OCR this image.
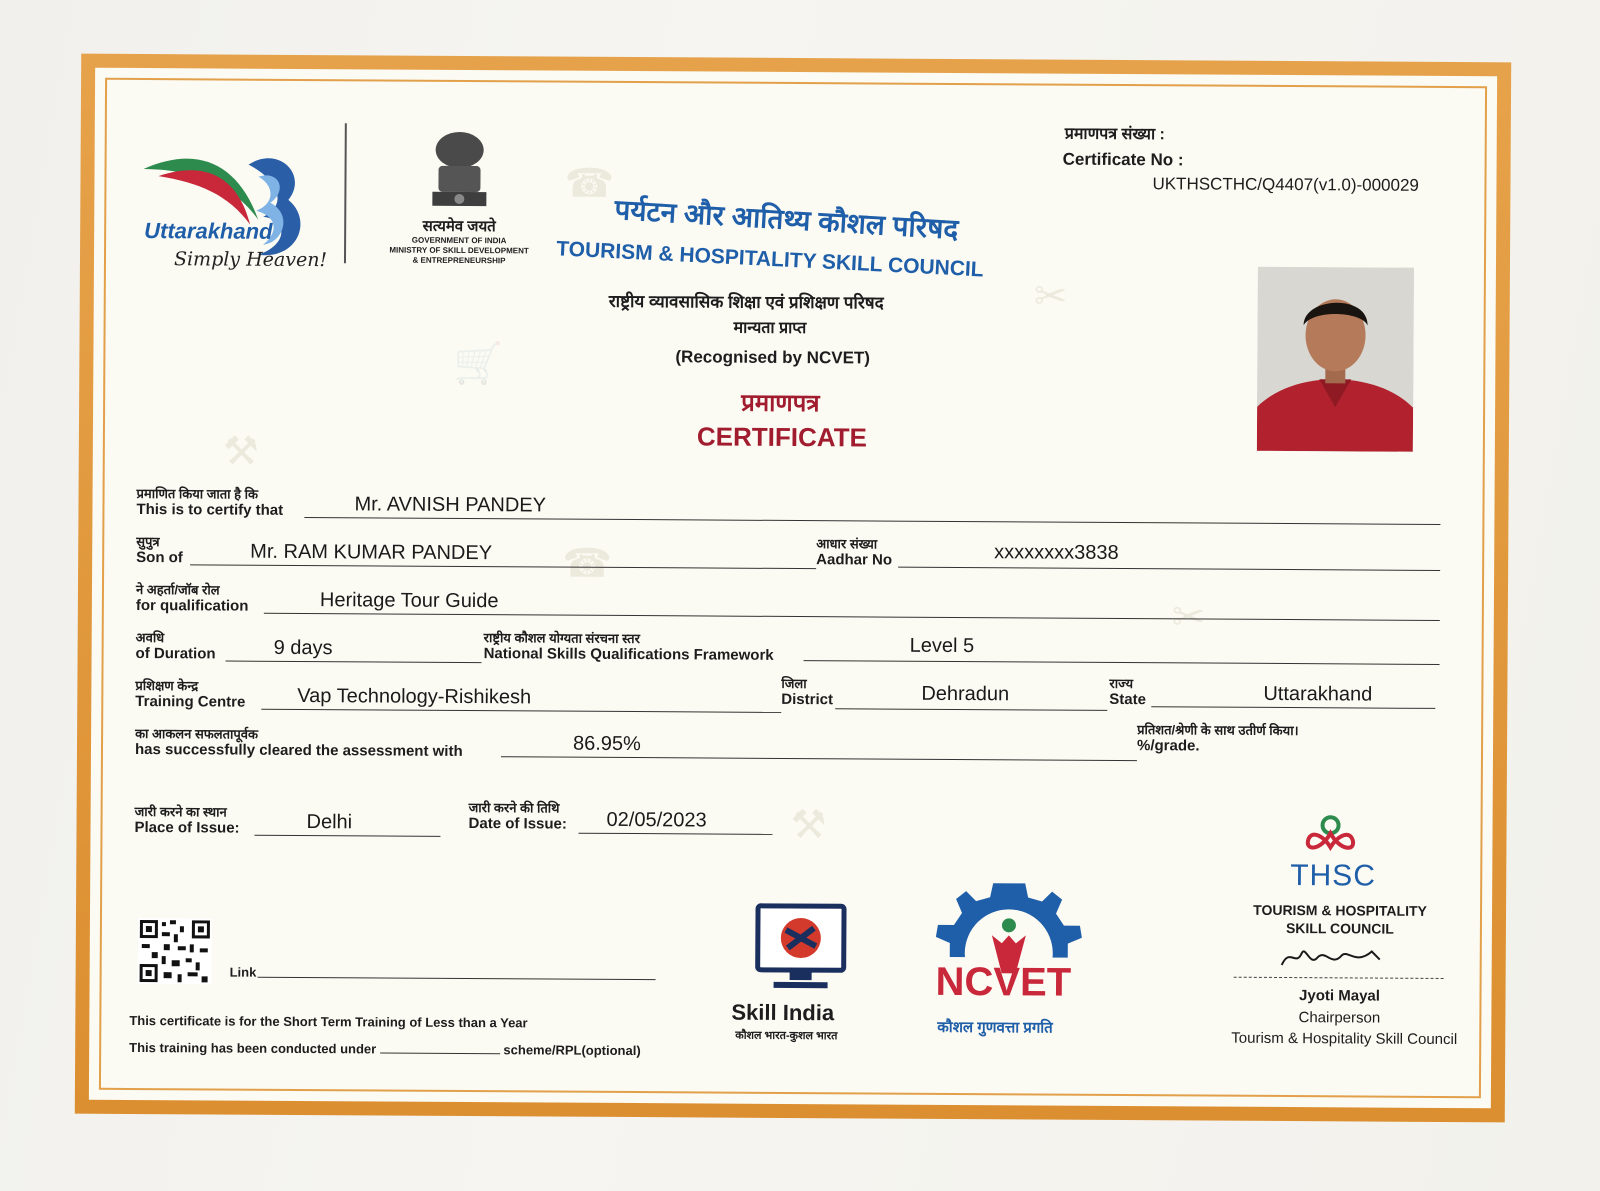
☎
✂
🛒
⚒
☎
✂
⚒
Uttarakhand
Simply Heaven!
सत्यमेव जयते
GOVERNMENT OF INDIA
MINISTRY OF SKILL DEVELOPMENT
& ENTREPRENEURSHIP
पर्यटन और आतिथ्य कौशल परिषद
TOURISM & HOSPITALITY SKILL COUNCIL
राष्ट्रीय व्यावसासिक शिक्षा एवं प्रशिक्षण परिषद
मान्यता प्राप्त
(Recognised by NCVET)
प्रमाणपत्र
CERTIFICATE
प्रमाणपत्र संख्या :
Certificate No :
UKTHSCTHC/Q4407(v1.0)-000029
प्रमाणित किया जाता है कि
This is to certify that	Mr. AVNISH PANDEY
सुपुत्र
Son of	Mr. RAM KUMAR PANDEY	आधार संख्या
Aadhar No	xxxxxxxx3838
ने अहर्ता/जॉब रोल
for qualification	Heritage Tour Guide
अवधि
of Duration	9 days	राष्ट्रीय कौशल योग्यता संरचना स्तर
National Skills Qualifications Framework	Level 5
प्रशिक्षण केन्द्र
Training Centre	Vap Technology-Rishikesh
जिला
District	Dehradun	राज्य
State	Uttarakhand
का आकलन सफलतापूर्वक
has successfully cleared the assessment with	86.95%
प्रतिशत/श्रेणी के साथ उतीर्ण किया।
%/grade.
जारी करने का स्थान
Place of Issue:	Delhi
जारी करने की तिथि
Date of Issue: 02/05/2023
Link
This certificate is for the Short Term Training of Less than a Year
This training has been conducted under	scheme/RPL(optional)
Skill India
कौशल भारत-कुशल भारत
NCVET
कौशल गुणवत्ता प्रगति
THSC
TOURISM & HOSPITALITY
SKILL COUNCIL
Jyoti Mayal
Chairperson
Tourism & Hospitality Skill Council
